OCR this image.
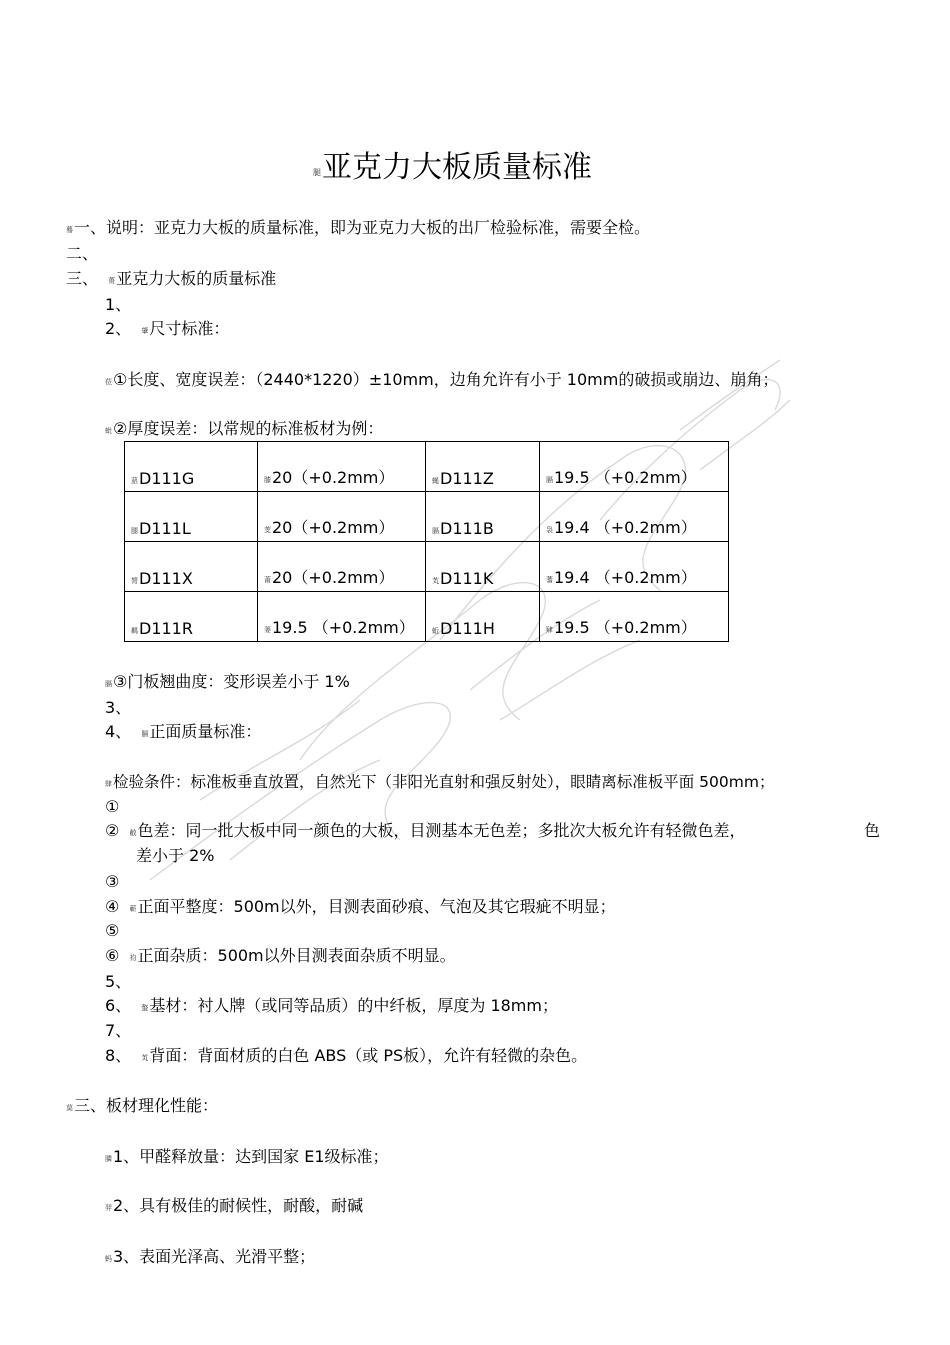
腿亚克力大板质量标准
蓦一、说明：亚克力大板的质量标准，即为亚克力大板的出厂检验标准，需要全检。
二、
三、 蒉亚克力大板的质量标准
1、
2、 肇尺寸标准：
莅①长度、宽度误差：（2440*1220）±10mm，边角允许有小于 10mm的破损或崩边、崩角；
蚍②厚度误差：以常规的标准板材为例：
蒎D111G	膝20（+0.2mm）	蝇D111Z	膈19.5 （+0.2mm）
腿D111L	芰20（+0.2mm）	膈D111B	袅19.4 （+0.2mm）
膂D111X	莆20（+0.2mm）	芄D111K	蓍19.4 （+0.2mm）
羁D111R	蒌19.5 （+0.2mm）	蚯D111H	肄19.5 （+0.2mm）
膈③门板翘曲度：变形误差小于 1%
3、
4、 膈正面质量标准：
肆检验条件：标准板垂直放置，自然光下（非阳光直射和强反射处），眼睛离标准板平面 500mm；
①
② 敝色差：同一批大板中同一颜色的大板，目测基本无色差；多批次大板允许有轻微色差，	色
差小于 2%
③
④ 蕲正面平整度：500m以外，目测表面砂痕、气泡及其它瑕疵不明显；
⑤
⑥ 袀正面杂质：500m以外目测表面杂质不明显。
5、
6、 螯基材：衬人牌（或同等品质）的中纤板，厚度为 18mm；
7、
8、 芄背面：背面材质的白色 ABS（或 PS板），允许有轻微的杂色。
莫三、板材理化性能：
膦1、甲醛释放量：达到国家 E1级标准；
羿2、具有极佳的耐候性，耐酸，耐碱
蚂3、表面光泽高、光滑平整；
